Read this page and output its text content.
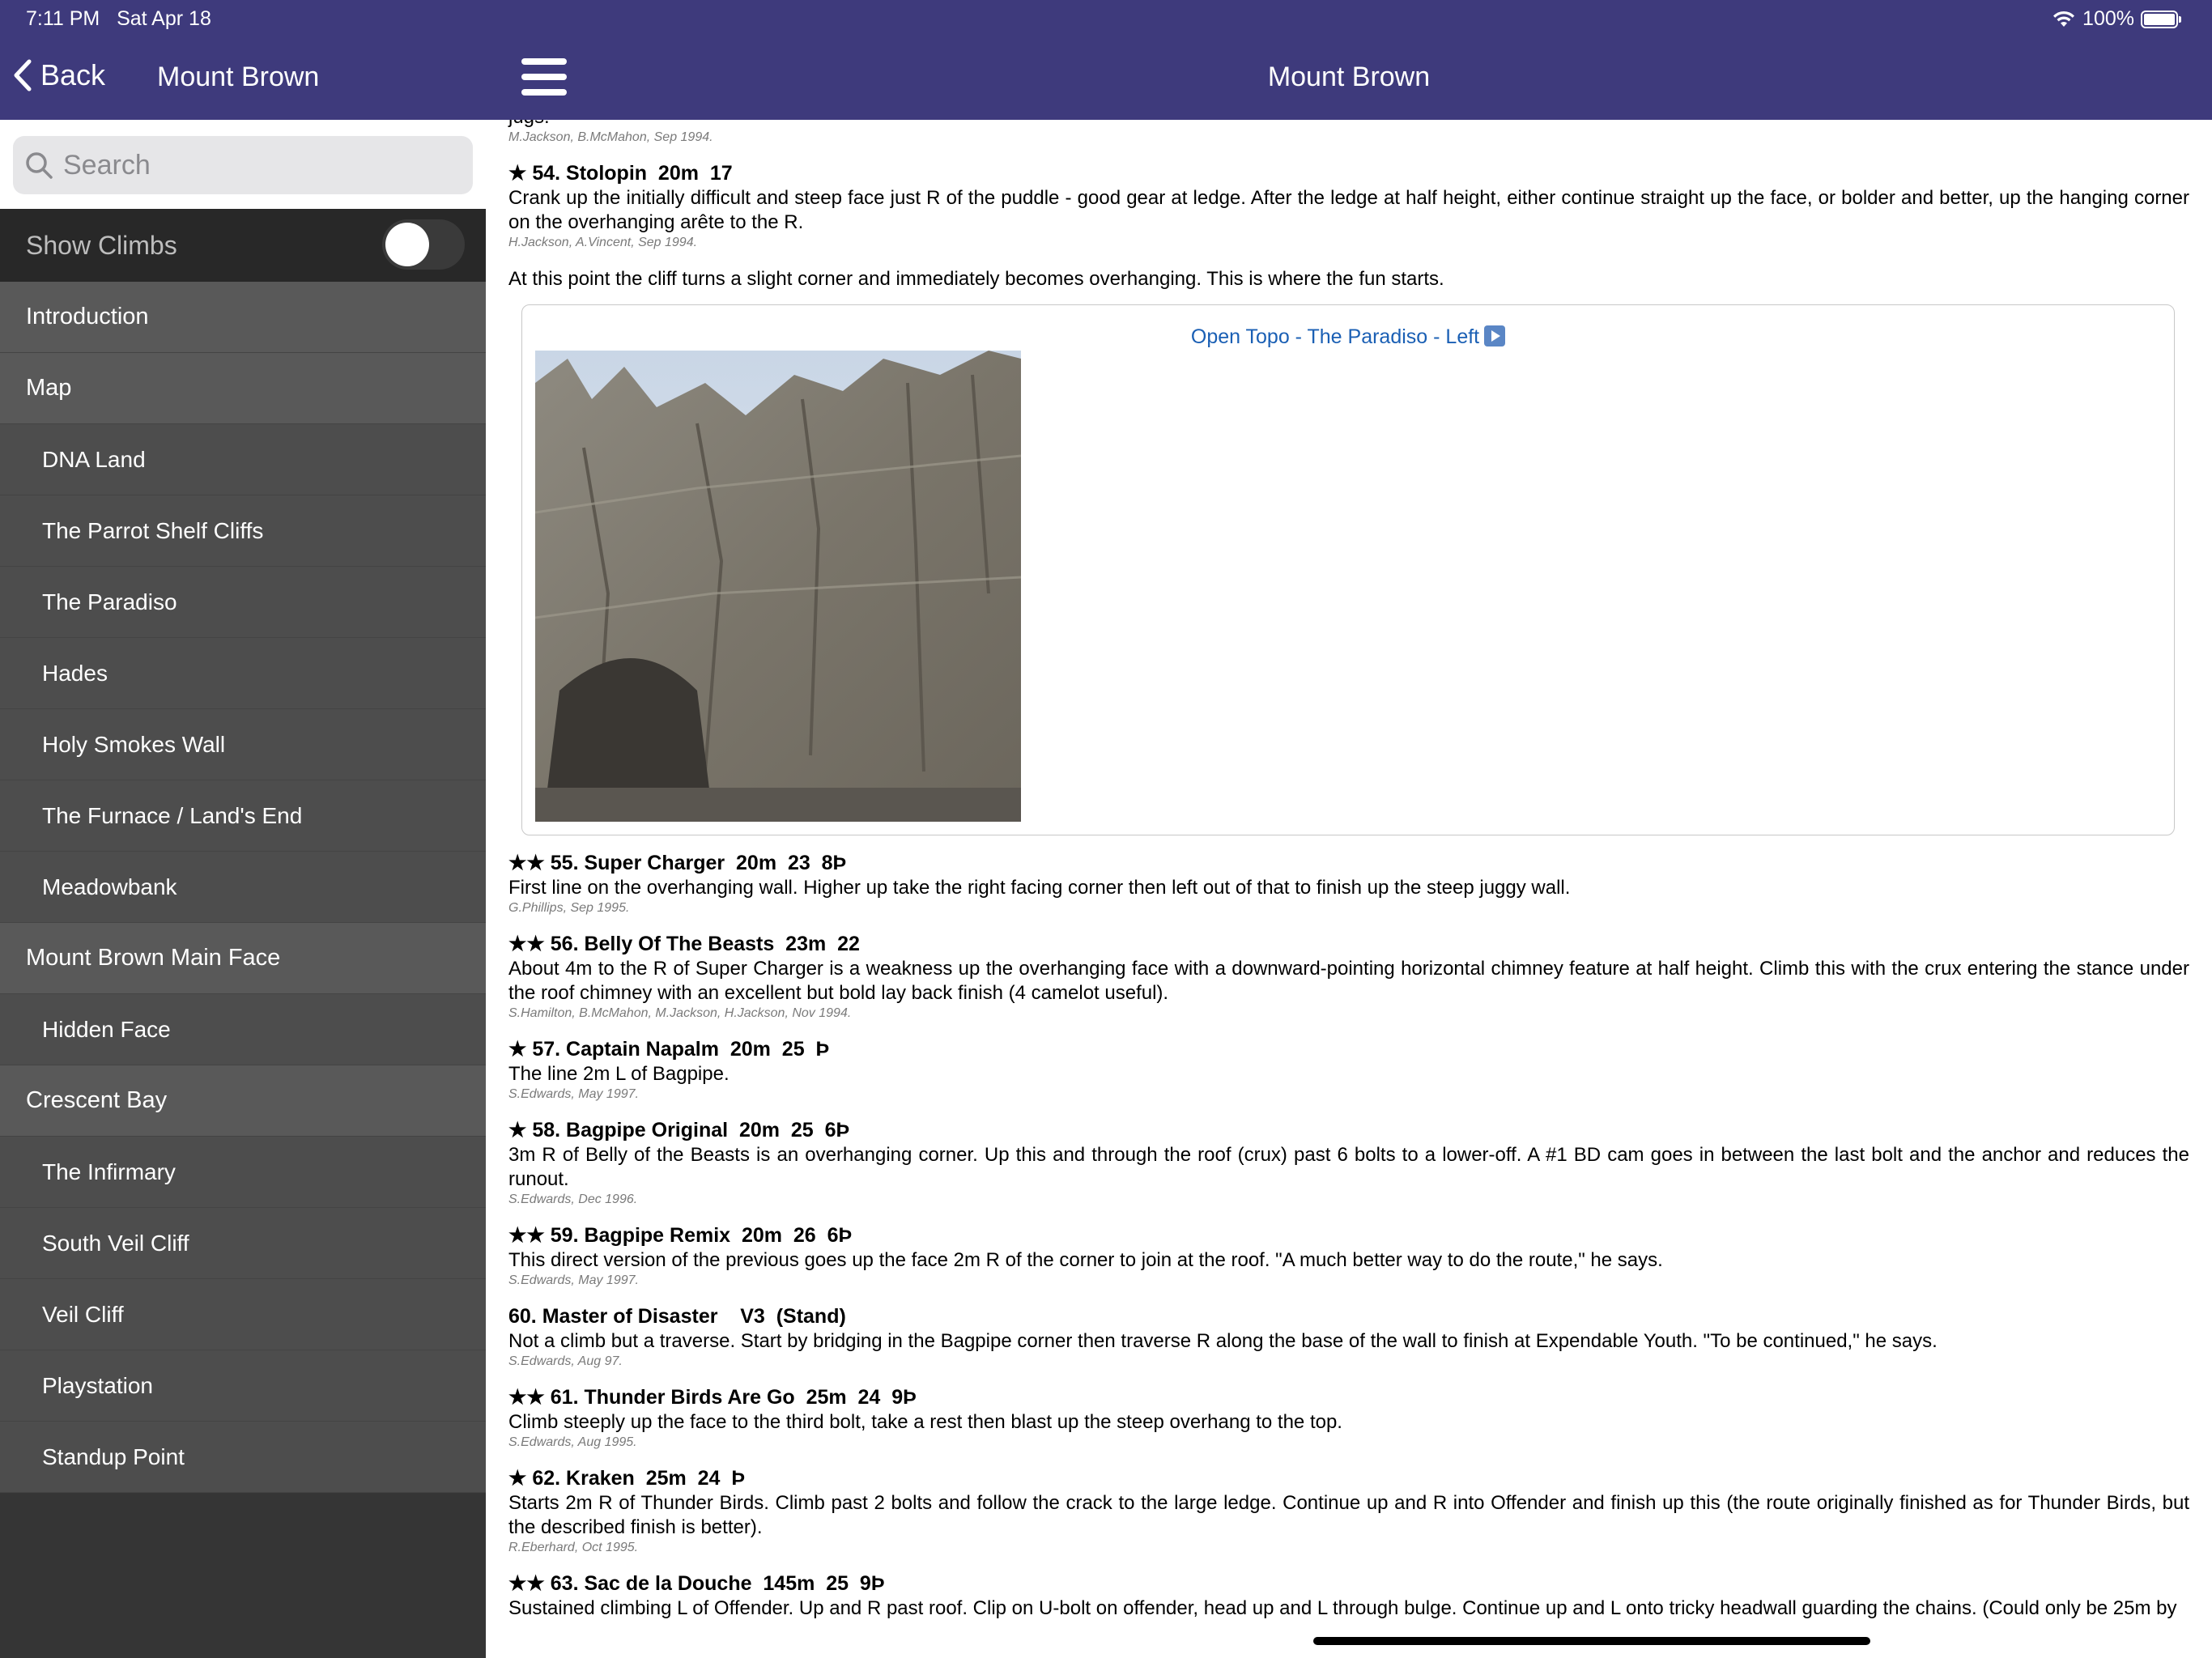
7:11 PM Sat Apr 18	100%
Back Mount Brown
Search
Show Climbs
Introduction
Map
DNA Land
The Parrot Shelf Cliffs
The Paradiso
Hades
Holy Smokes Wall
The Furnace / Land's End
Meadowbank
Mount Brown Main Face
Hidden Face
Crescent Bay
The Infirmary
South Veil Cliff
Veil Cliff
Playstation
Standup Point
Mount Brown
M.Jackson, B.McMahon, Sep 1994.
★ 54. Stolopin  20m  17
Crank up the initially difficult and steep face just R of the puddle - good gear at ledge. After the ledge at half height, either continue straight up the face, or bolder and better, up the hanging corner on the overhanging arête to the R.
H.Jackson, A.Vincent, Sep 1994.
At this point the cliff turns a slight corner and immediately becomes overhanging. This is where the fun starts.
Open Topo - The Paradiso - Left
★★ 55. Super Charger  20m  23  8Þ
First line on the overhanging wall. Higher up take the right facing corner then left out of that to finish up the steep juggy wall.
G.Phillips, Sep 1995.
★★ 56. Belly Of The Beasts  23m  22
About 4m to the R of Super Charger is a weakness up the overhanging face with a downward-pointing horizontal chimney feature at half height. Climb this with the crux entering the stance under the roof chimney with an excellent but bold lay back finish (4 camelot useful).
S.Hamilton, B.McMahon, M.Jackson, H.Jackson, Nov 1994.
★ 57. Captain Napalm  20m  25  Þ
The line 2m L of Bagpipe.
S.Edwards, May 1997.
★ 58. Bagpipe Original  20m  25  6Þ
3m R of Belly of the Beasts is an overhanging corner. Up this and through the roof (crux) past 6 bolts to a lower-off. A #1 BD cam goes in between the last bolt and the anchor and reduces the runout.
S.Edwards, Dec 1996.
★★ 59. Bagpipe Remix  20m  26  6Þ
This direct version of the previous goes up the face 2m R of the corner to join at the roof. "A much better way to do the route," he says.
S.Edwards, May 1997.
60. Master of Disaster    V3  (Stand)
Not a climb but a traverse. Start by bridging in the Bagpipe corner then traverse R along the base of the wall to finish at Expendable Youth. "To be continued," he says.
S.Edwards, Aug 97.
★★ 61. Thunder Birds Are Go  25m  24  9Þ
Climb steeply up the face to the third bolt, take a rest then blast up the steep overhang to the top.
S.Edwards, Aug 1995.
★ 62. Kraken  25m  24  Þ
Starts 2m R of Thunder Birds. Climb past 2 bolts and follow the crack to the large ledge. Continue up and R into Offender and finish up this (the route originally finished as for Thunder Birds, but the described finish is better).
R.Eberhard, Oct 1995.
★★ 63. Sac de la Douche  145m  25  9Þ
Sustained climbing L of Offender. Up and R past roof. Clip on U-bolt on offender, head up and L through bulge. Continue up and L onto tricky headwall guarding the chains. (Could only be 25m by
